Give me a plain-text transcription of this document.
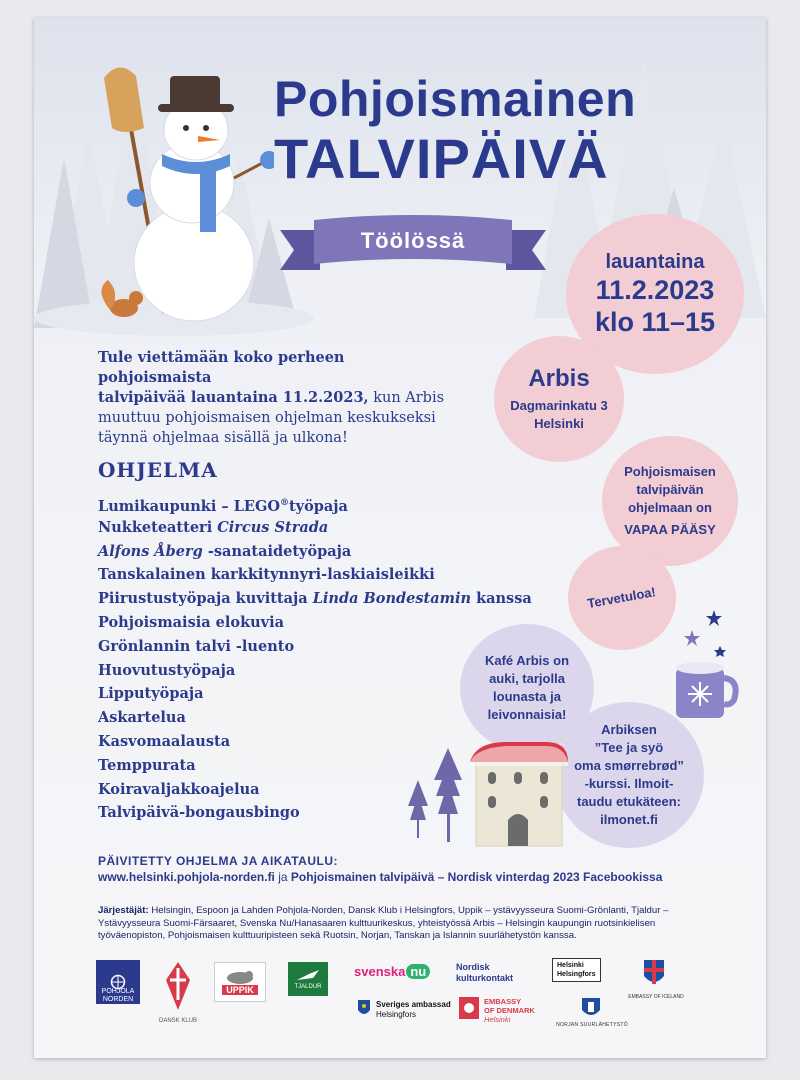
Pohjoismainen
TALVIPÄIVÄ
Töölössä
lauantaina
11.2.2023
klo 11–15
Arbis
Dagmarinkatu 3
Helsinki
Pohjoismaisen
talvipäivän
ohjelmaan on
VAPAA PÄÄSY
Tervetuloa!
Kafé Arbis on
auki, tarjolla
lounasta ja
leivonnaisia!
Arbiksen
”Tee ja syö
oma smørrebrød”
-kurssi. Ilmoit-
taudu etukäteen:
ilmonet.fi
Tule viettämään koko perheen pohjoismaista
talvipäivää lauantaina 11.2.2023, kun Arbis
muuttuu pohjoismaisen ohjelman keskukseksi
täynnä ohjelmaa sisällä ja ulkona!
OHJELMA
Lumikaupunki – LEGO®työpaja
Nukketeatteri Circus Strada
Alfons Åberg -sanataidetyöpaja
Tanskalainen karkkitynnyri-laskiaisleikki
Piirustustyöpaja kuvittaja Linda Bondestamin kanssa
Pohjoismaisia elokuvia
Grönlannin talvi -luento
Huovutustyöpaja
Lipputyöpaja
Askartelua
Kasvomaalausta
Temppurata
Koiravaljakkoajelua
Talvipäivä-bongausbingo
PÄIVITETTY OHJELMA JA AIKATAULU:
www.helsinki.pohjola-norden.fi ja Pohjoismainen talvipäivä – Nordisk vinterdag 2023 Facebookissa
Järjestäjät: Helsingin, Espoon ja Lahden Pohjola-Norden, Dansk Klub i Helsingfors, Uppik – ystävyysseura Suomi-Grönlanti, Tjaldur – Ystävyysseura Suomi-Färsaaret, Svenska Nu/Hanasaaren kulttuurikeskus, yhteistyössä Arbis – Helsingin kaupungin ruotsinkielisen työväenopiston, Pohjoismaisen kulttuuripisteen sekä Ruotsin, Norjan, Tanskan ja Islannin suurlähetystön kanssa.
POHJOLA
NORDEN
DANSK KLUB
UPPIK	TJALDUR
svenska nu	Nordisk
kulturkontakt
Helsinki
Helsingfors
EMBASSY OF ICELAND
Sveriges ambassad
Helsingfors
EMBASSY
OF DENMARK
Helsinki
NORJAN SUURLÄHETYSTÖ
